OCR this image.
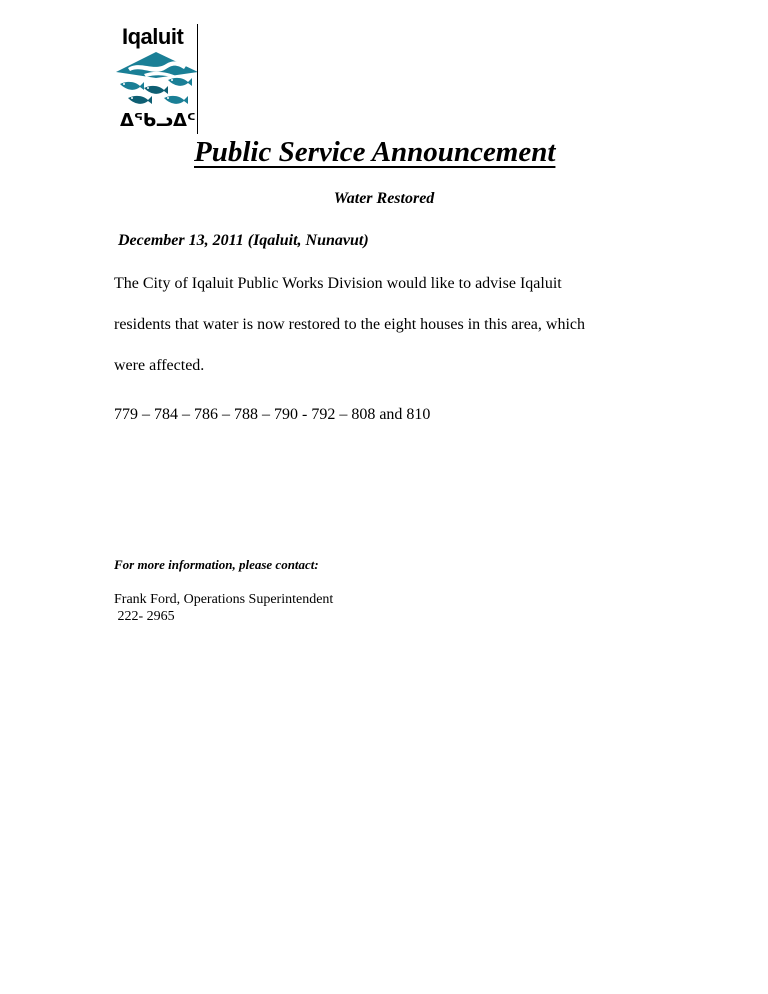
Iqaluit
ᐃᖃᓗᐃᑦ
Public Service Announcement
Water Restored
December 13, 2011 (Iqaluit, Nunavut)
The City of Iqaluit Public Works Division would like to advise Iqaluit
residents that water is now restored to the eight houses in this area, which
were affected.
779 – 784 – 786 – 788 – 790 - 792 – 808 and 810
For more information, please contact:
Frank Ford, Operations Superintendent
222- 2965
